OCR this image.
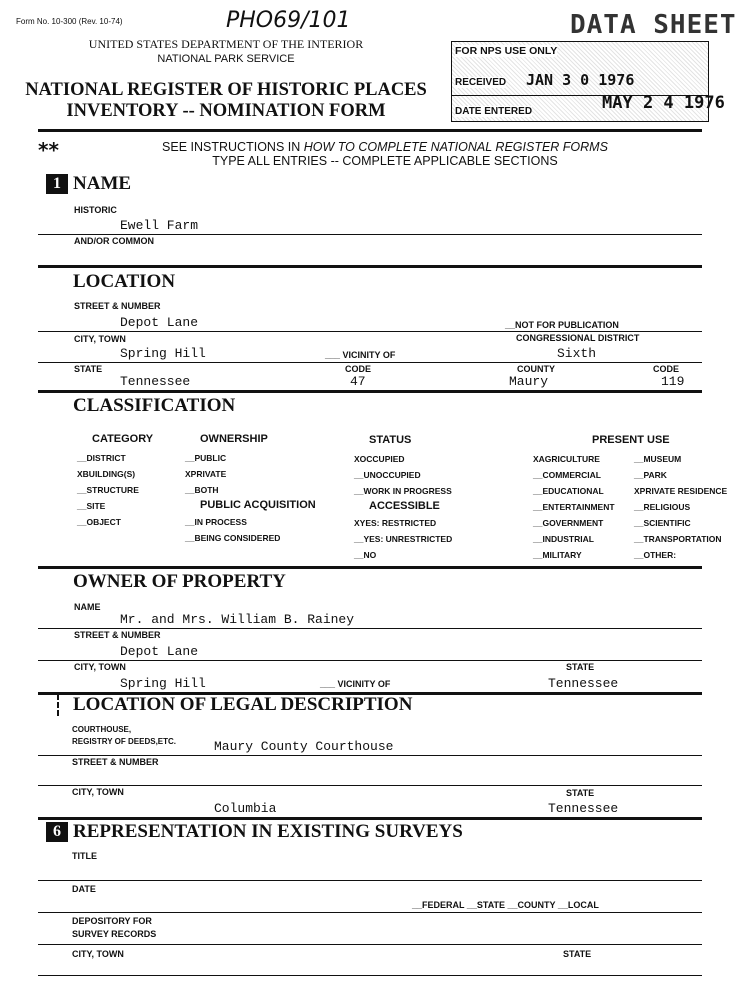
Form No. 10-300 (Rev. 10-74)	PHO69/101	DATA SHEET
UNITED STATES DEPARTMENT OF THE INTERIOR
NATIONAL PARK SERVICE
NATIONAL REGISTER OF HISTORIC PLACES
INVENTORY -- NOMINATION FORM
FOR NPS USE ONLY
RECEIVED JAN 3 0 1976
DATE ENTERED	MAY 2 4 1976
**	SEE INSTRUCTIONS IN HOW TO COMPLETE NATIONAL REGISTER FORMS
TYPE ALL ENTRIES -- COMPLETE APPLICABLE SECTIONS
1 NAME
HISTORIC
Ewell Farm
AND/OR COMMON
LOCATION
STREET & NUMBER
Depot Lane	__NOT FOR PUBLICATION
CITY, TOWN	CONGRESSIONAL DISTRICT
Spring Hill	___ VICINITY OF	Sixth
STATE	CODE	COUNTY	CODE
Tennessee	47	Maury	119
CLASSIFICATION
CATEGORY
__DISTRICT
XBUILDING(S)
__STRUCTURE
__SITE
__OBJECT
OWNERSHIP
__PUBLIC
XPRIVATE
__BOTH
PUBLIC ACQUISITION
__IN PROCESS
__BEING CONSIDERED
STATUS
XOCCUPIED
__UNOCCUPIED
__WORK IN PROGRESS
ACCESSIBLE
XYES: RESTRICTED
__YES: UNRESTRICTED
__NO
PRESENT USE
XAGRICULTURE
__COMMERCIAL
__EDUCATIONAL
__ENTERTAINMENT
__GOVERNMENT
__INDUSTRIAL
__MILITARY
__MUSEUM
__PARK
XPRIVATE RESIDENCE
__RELIGIOUS
__SCIENTIFIC
__TRANSPORTATION
__OTHER:
OWNER OF PROPERTY
NAME
Mr. and Mrs. William B. Rainey
STREET & NUMBER
Depot Lane
CITY, TOWN	STATE
Spring Hill	___ VICINITY OF	Tennessee
LOCATION OF LEGAL DESCRIPTION
COURTHOUSE,
REGISTRY OF DEEDS,ETC.	Maury County Courthouse
STREET & NUMBER
CITY, TOWN	STATE
Columbia	Tennessee
6 REPRESENTATION IN EXISTING SURVEYS
TITLE
DATE
__FEDERAL __STATE __COUNTY __LOCAL
DEPOSITORY FOR
SURVEY RECORDS
CITY, TOWN	STATE
